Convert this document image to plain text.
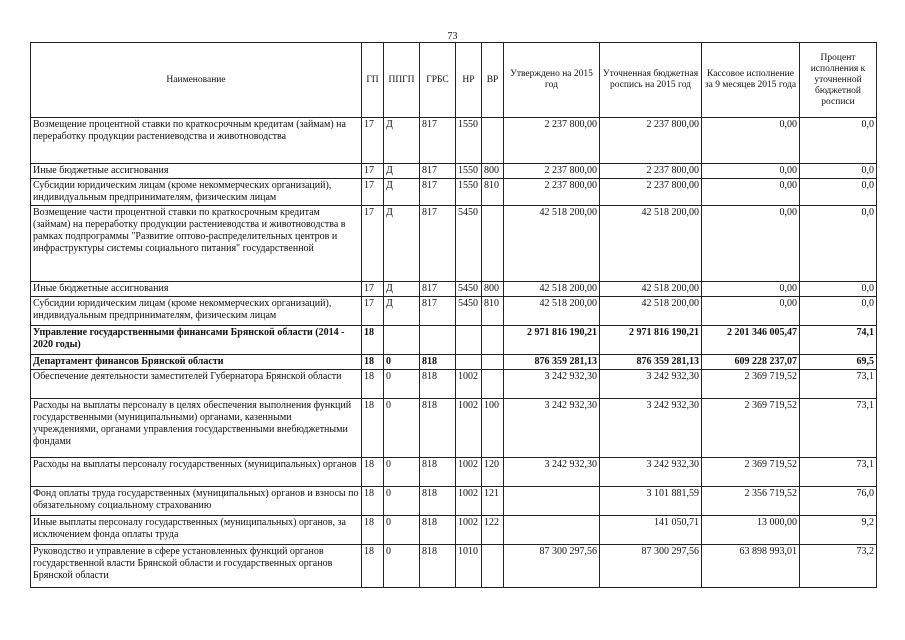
73
Наименование	ГП	ППГП	ГРБС	НР	ВР	Утверждено на 2015 год	Уточненная бюджетная роспись на 2015 год	Кассовое исполнение за 9 месяцев 2015 года	Процент исполнения к уточненной бюджетной росписи
Возмещение процентной ставки по краткосрочным кредитам (займам) на переработку продукции растениеводства и животноводства	17	Д	817	1550		2 237 800,00	2 237 800,00	0,00	0,0
Иные бюджетные ассигнования	17	Д	817	1550	800	2 237 800,00	2 237 800,00	0,00	0,0
Субсидии юридическим лицам (кроме некоммерческих организаций), индивидуальным предпринимателям, физическим лицам	17	Д	817	1550	810	2 237 800,00	2 237 800,00	0,00	0,0
Возмещение части процентной ставки по краткосрочным кредитам (займам) на переработку продукции растениеводства и животноводства в рамках подпрограммы "Развитие оптово-распределительных центров и инфраструктуры системы социального питания" государственной	17	Д	817	5450		42 518 200,00	42 518 200,00	0,00	0,0
Иные бюджетные ассигнования	17	Д	817	5450	800	42 518 200,00	42 518 200,00	0,00	0,0
Субсидии юридическим лицам (кроме некоммерческих организаций), индивидуальным предпринимателям, физическим лицам	17	Д	817	5450	810	42 518 200,00	42 518 200,00	0,00	0,0
Управление государственными финансами Брянской области (2014 - 2020 годы)	18					2 971 816 190,21	2 971 816 190,21	2 201 346 005,47	74,1
Департамент финансов Брянской области	18	0	818			876 359 281,13	876 359 281,13	609 228 237,07	69,5
Обеспечение деятельности заместителей Губернатора Брянской области	18	0	818	1002		3 242 932,30	3 242 932,30	2 369 719,52	73,1
Расходы на выплаты персоналу в целях обеспечения выполнения функций государственными (муниципальными) органами, казенными учреждениями, органами управления государственными внебюджетными фондами	18	0	818	1002	100	3 242 932,30	3 242 932,30	2 369 719,52	73,1
Расходы на выплаты персоналу государственных (муниципальных) органов	18	0	818	1002	120	3 242 932,30	3 242 932,30	2 369 719,52	73,1
Фонд оплаты труда государственных (муниципальных) органов и взносы по обязательному социальному страхованию	18	0	818	1002	121		3 101 881,59	2 356 719,52	76,0
Иные выплаты персоналу государственных (муниципальных) органов, за исключением фонда оплаты труда	18	0	818	1002	122		141 050,71	13 000,00	9,2
Руководство и управление в сфере установленных функций органов государственной власти Брянской области и государственных органов Брянской области	18	0	818	1010		87 300 297,56	87 300 297,56	63 898 993,01	73,2
